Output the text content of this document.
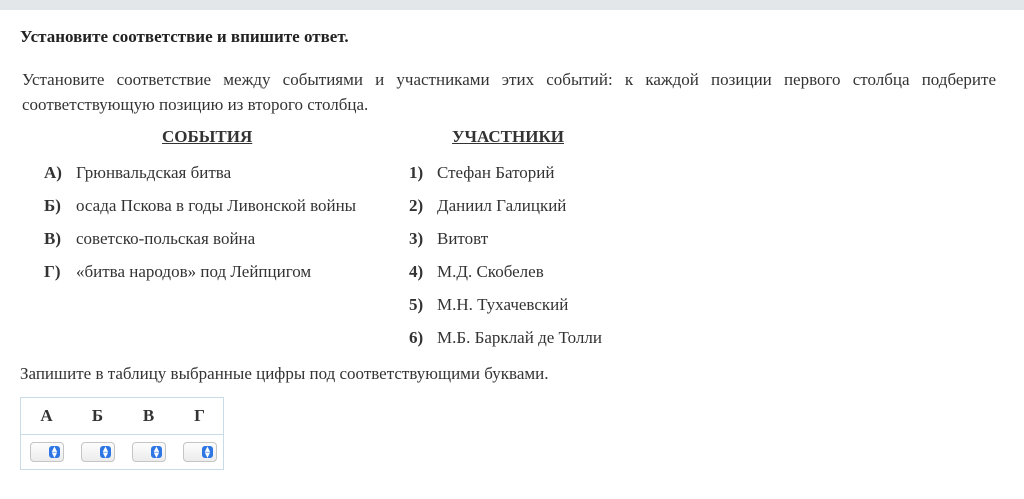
Установите соответствие и впишите ответ.
Установите соответствие между событиями и участниками этих событий: к каждой позиции первого столбца подберите соответствующую позицию из второго столбца.
СОБЫТИЯ	УЧАСТНИКИ
А) Грюнвальдская битва
Б) осада Пскова в годы Ливонской войны
В) советско-польская война
Г) «битва народов» под Лейпцигом
1) Стефан Баторий
2) Даниил Галицкий
3) Витовт
4) М.Д. Скобелев
5) М.Н. Тухачевский
6) М.Б. Барклай де Толли
Запишите в таблицу выбранные цифры под соответствующими буквами.
А	Б	В	Г
▲
▼
▲
▼
▲
▼
▲
▼
